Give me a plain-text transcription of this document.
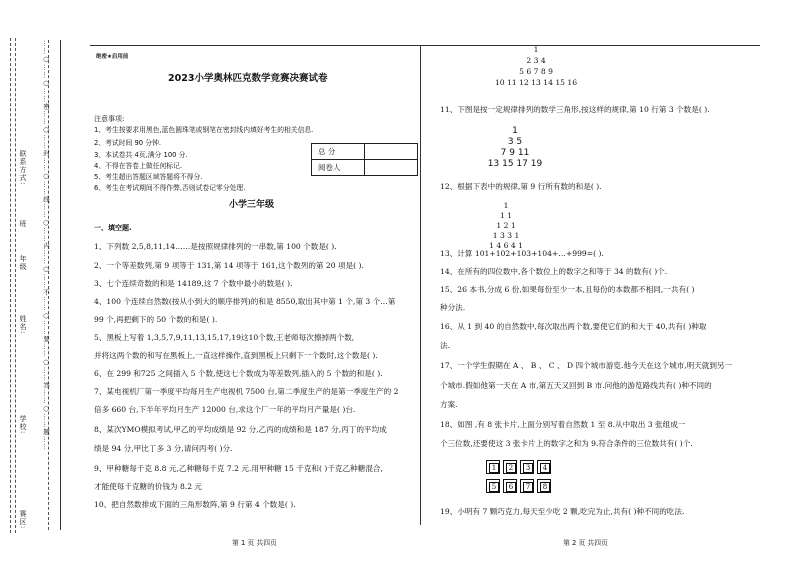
联系方式:
班
姓名:
学校:
赛区:
年级 ……○……○……密……○……封……○……线……○……内……○……不……○……要……○……答……○……题……	绝密★启用前
2023小学奥林匹克数学竞赛决赛试卷
注意事项:
1、考生按要求用黑色,蓝色圆珠笔或钢笔在密封线内填好考生的相关信息.
2、考试时间 90 分钟.
3、本试卷共 4页,满分 100 分.
4、不得在答卷上做任何标记.
5、考生超出答题区域答题将不得分.
6、考生在考试期间不得作弊,否则试卷记零分处理.
总 分	
阅卷人	
小学三年级
一、填空题.
1、下列数 2,5,8,11,14……是按照规律排列的一串数,第 100 个数是( ).
2、一个等差数列,第 9 项等于 131,第 14 项等于 161,这个数列的第 20 项是( ).
3、七个连续奇数的和是 14189,这 7 个数中最小的数是( ).
4、100 个连续自然数(按从小到大的顺序排列)的和是 8550,取出其中第 1 个,第 3 个…第
99 个,再把剩下的 50 个数的和是( ).
5、黑板上写着 1,3,5,7,9,11,13,15,17,19这10个数,王老师每次擦掉两个数,
并将这两个数的和写在黑板上,一直这样操作,直到黑板上只剩下一个数时,这个数是( ).
6、在 299 和725 之间插入 5 个数,使这七个数成为等差数列,插入的 5 个数的和是( ).
7、某电视机厂第一季度平均每月生产电视机 7500 台,第二季度生产的是第一季度生产的 2
倍多 660 台,下半年平均月生产 12000 台,求这个厂一年的平均月产量是( )台.
8、某次YMO模拟考试,甲乙的平均成绩是 92 分,乙丙的成绩和是 187 分,丙丁的平均成
绩是 94 分,甲比丁多 3 分,请问丙考( )分.
9、甲种糖每千克 8.8 元,乙种糖每千克 7.2 元.用甲种糖 15 千克和( )千克乙种糖混合,
才能使每千克糖的价钱为 8.2 元
10、把自然数排成下面的三角形数阵,第 9 行第 4 个数是( ).
第 1 页 共四页
1
2 3 4
5 6 7 8 9
10 11 12 13 14 15 16
11、下图是按一定规律排列的数学三角形,按这样的规律,第 10 行第 3 个数是( ).
1
3 5
7 9 11
13 15 17 19
12、根据下表中的规律,第 9 行所有数的和是( ).
1
1 1
1 2 1
1 3 3 1
1 4 6 4 1
13、计算 101+102+103+104+…+999=( ).
14、在所有的四位数中,各个数位上的数字之和等于 34 的数有( )个.
15、26 本书,分成 6 份,如果每份至少一本,且每份的本数都不相同,一共有( )
种分法.
16、从 1 到 40 的自然数中,每次取出两个数,要使它们的和大于 40,共有( )种取
法.
17、一个学生假期在 A 、 B 、 C 、 D 四个城市游览.他今天在这个城市,明天就到另一
个城市.假如他第一天在 A 市,第五天又回到 B 市.问他的游览路线共有( )种不同的
方案.
18、如图 ,有 8 张卡片,上面分别写着自然数 1 至 8.从中取出 3 张组成一
个三位数,还要使这 3 张卡片上的数字之和为 9.符合条件的三位数共有( )个.
1	2	3	4
5	6	7	8
19、小明有 7 颗巧克力,每天至少吃 2 颗,吃完为止,共有( )种不同的吃法.
第 2 页 共四页
